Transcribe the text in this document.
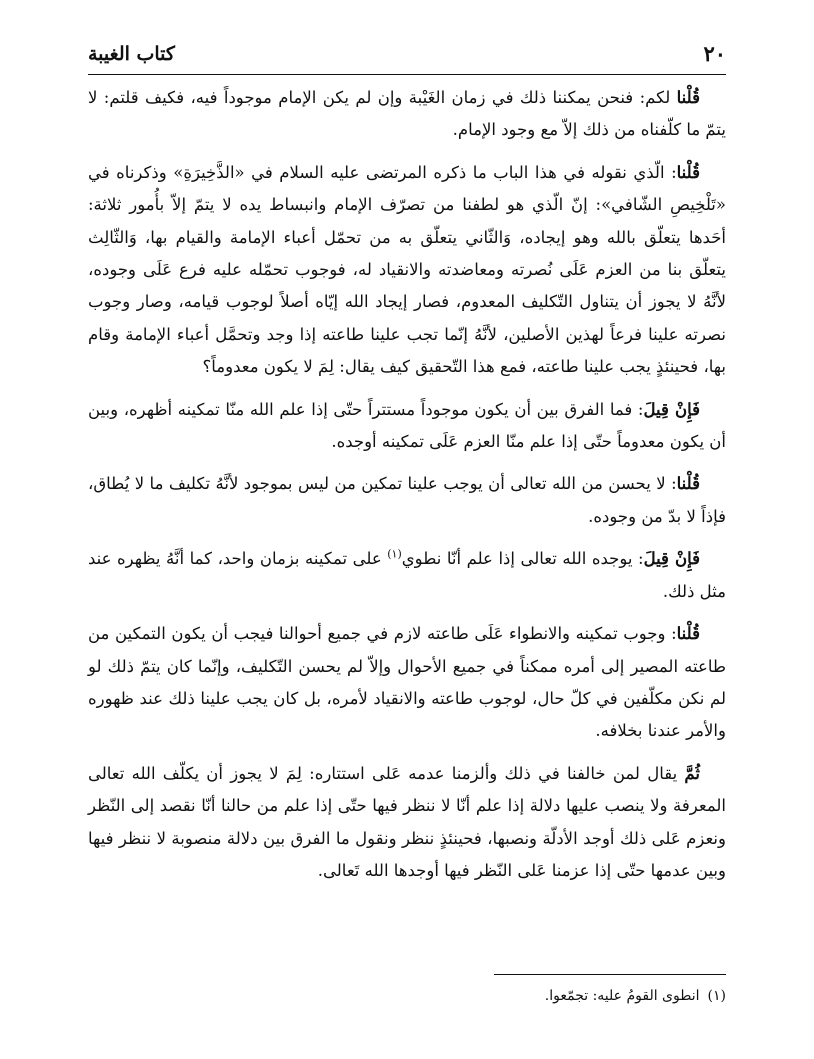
٢٠
كتاب الغيبة

قُلْنا لكم: فنحن يمكننا ذلك في زمان الغَيْبة وإن لم يكن الإمام موجوداً فيه، فكيف قلتم: لا يتمّ ما كلّفناه من ذلك إلاّ مع وجود الإمام.

قُلْنا: الّذي نقوله في هذا الباب ما ذكره المرتضى عليه السلام في «الذَّخِيرَةِ» وذكرناه في «تَلْخِيصِ الشّافي»: إنّ الّذي هو لطفنا من تصرّف الإمام وانبساط يده لا يتمّ إلاّ بأُمور ثلاثة: أحَدها يتعلّق بالله وهو إيجاده، وَالثّاني يتعلّق به من تحمّل أعباء الإمامة والقيام بها، وَالثّالِث يتعلّق بنا من العزم عَلَى نُصرته ومعاضدته والانقياد له، فوجوب تحمّله عليه فرع عَلَى وجوده، لأنَّهُ لا يجوز أن يتناول التّكليف المعدوم، فصار إيجاد الله إيّاه أصلاً لوجوب قيامه، وصار وجوب نصرته علينا فرعاً لهذين الأصلين، لأنَّهُ إنّما تجب علينا طاعته إذا وجد وتحمَّل أعباء الإمامة وقام بها، فحينئذٍ يجب علينا طاعته، فمع هذا التّحقيق كيف يقال: لِمَ لا يكون معدوماً؟

فَإِنْ قِيلَ: فما الفرق بين أن يكون موجوداً مستتراً حتّى إذا علم الله منّا تمكينه أظهره، وبين أن يكون معدوماً حتّى إذا علم منّا العزم عَلَى تمكينه أوجده.

قُلْنا: لا يحسن من الله تعالى أن يوجب علينا تمكين من ليس بموجود لأنَّهُ تكليف ما لا يُطاق، فإذاً لا بدّ من وجوده.

فَإِنْ قِيلَ: يوجده الله تعالى إذا علم أنّا نطوي$^{(١)}$ على تمكينه بزمان واحد، كما أنَّهُ يظهره عند مثل ذلك.

قُلْنا: وجوب تمكينه والانطواء عَلَى طاعته لازم في جميع أحوالنا فيجب أن يكون التمكين من طاعته المصير إلى أمره ممكناً في جميع الأحوال وإلاّ لم يحسن التّكليف، وإنّما كان يتمّ ذلك لو لم نكن مكلّفين في كلّ حال، لوجوب طاعته والانقياد لأمره، بل كان يجب علينا ذلك عند ظهوره والأمر عندنا بخلافه.

ثُمَّ يقال لمن خالفنا في ذلك وألزمنا عدمه عَلى استتاره: لِمَ لا يجوز أن يكلّف الله تعالى المعرفة ولا ينصب عليها دلالة إذا علم أنّا لا ننظر فيها حتّى إذا علم من حالنا أنّا نقصد إلى النّظر ونعزم عَلى ذلك أوجد الأدلّة ونصبها، فحينئذٍ ننظر ونقول ما الفرق بين دلالة منصوبة لا ننظر فيها وبين عدمها حتّى إذا عزمنا عَلى النّظر فيها أوجدها الله تَعالى.

(١)انطوى القومُ عليه: تجمّعوا.
